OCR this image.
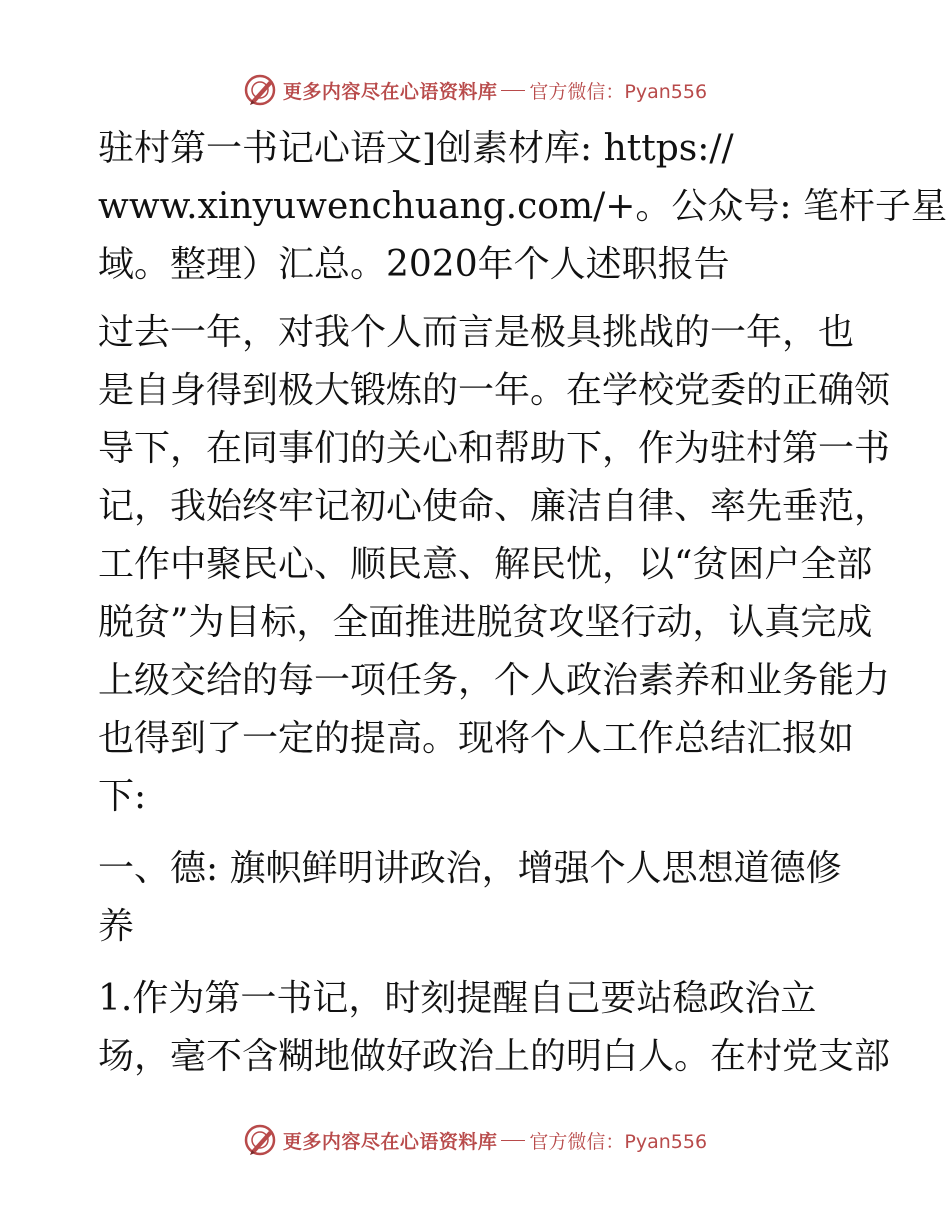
更多内容尽在心语资料库 官方微信：Pyan556
驻村第一书记心语文]创素材库: https://
www.xinyuwenchuang.com/+。公众号: 笔杆子星
域。整理）汇总。2020年个人述职报告
过去一年，对我个人而言是极具挑战的一年，也
是自身得到极大锻炼的一年。在学校党委的正确领
导下，在同事们的关心和帮助下，作为驻村第一书
记，我始终牢记初心使命、廉洁自律、率先垂范，
工作中聚民心、顺民意、解民忧，以“贫困户全部
脱贫”为目标，全面推进脱贫攻坚行动，认真完成
上级交给的每一项任务，个人政治素养和业务能力
也得到了一定的提高。现将个人工作总结汇报如
下:
一、德: 旗帜鲜明讲政治，增强个人思想道德修
养
1.作为第一书记，时刻提醒自己要站稳政治立
场，毫不含糊地做好政治上的明白人。在村党支部
更多内容尽在心语资料库 官方微信：Pyan556
